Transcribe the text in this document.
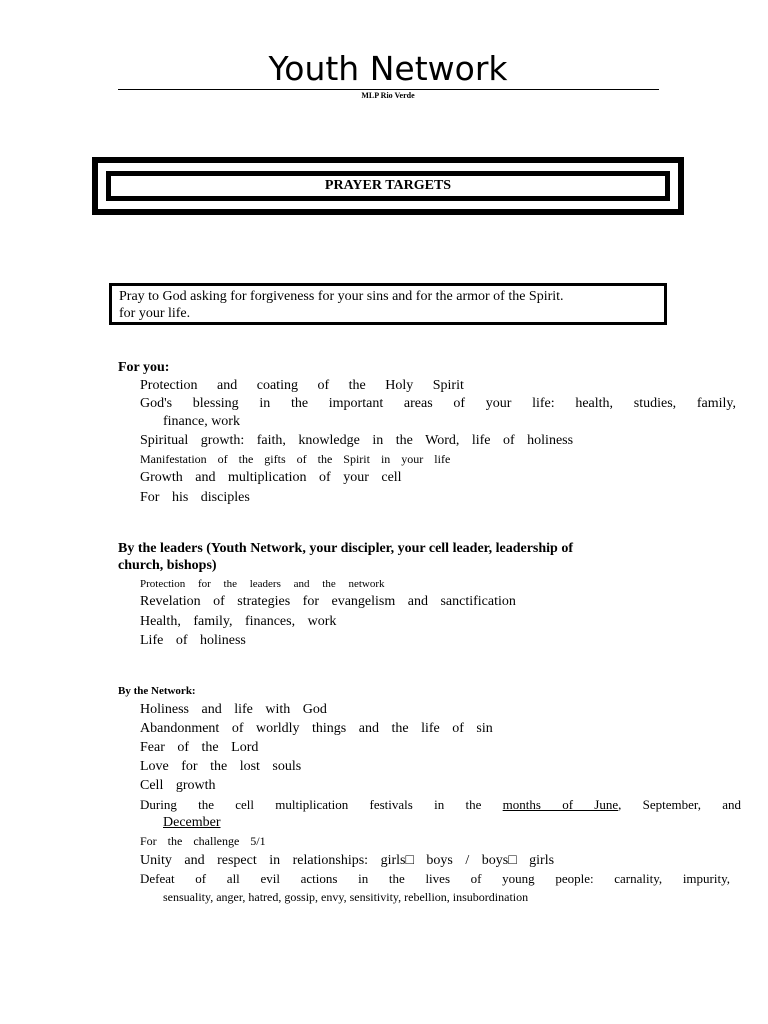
Youth Network
MLP Rio Verde
PRAYER TARGETS
Pray to God asking for forgiveness for your sins and for the armor of the Spirit.
for your life.
For you:
Protection and coating of the Holy Spirit
God's blessing in the important areas of your life: health, studies, family,
finance, work
Spiritual growth: faith, knowledge in the Word, life of holiness
Manifestation of the gifts of the Spirit in your life
Growth and multiplication of your cell
For his disciples
By the leaders (Youth Network, your discipler, your cell leader, leadership of
church, bishops)
Protection for the leaders and the network
Revelation of strategies for evangelism and sanctification
Health, family, finances, work
Life of holiness
By the Network:
Holiness and life with God
Abandonment of worldly things and the life of sin
Fear of the Lord
Love for the lost souls
Cell growth
During the cell multiplication festivals in the months of June, September, and
December
For the challenge 5/1
Unity and respect in relationships: girls□ boys / boys□ girls
Defeat of all evil actions in the lives of young people: carnality, impurity,
sensuality, anger, hatred, gossip, envy, sensitivity, rebellion, insubordination
